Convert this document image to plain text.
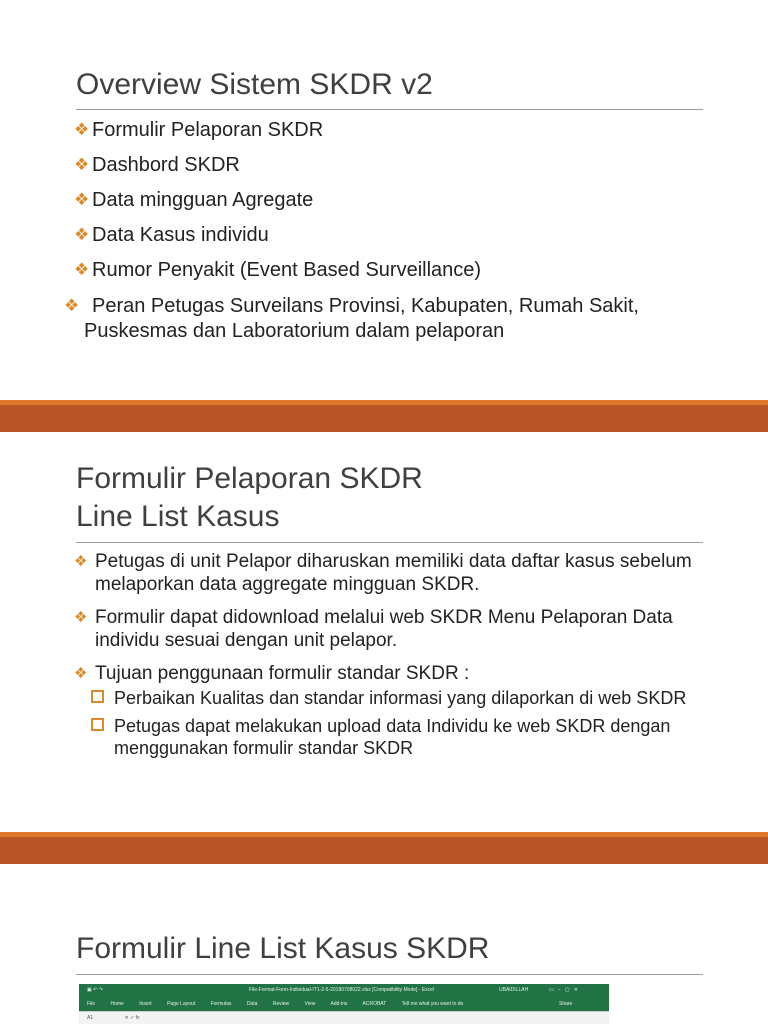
Overview Sistem SKDR v2
❖ Formulir Pelaporan SKDR
❖ Dashbord SKDR
❖ Data mingguan Agregate
❖ Data Kasus individu
❖ Rumor Penyakit (Event Based Surveillance)
❖ Peran Petugas Surveilans Provinsi, Kabupaten, Rumah Sakit, Puskesmas dan Laboratorium dalam pelaporan
Formulir Pelaporan SKDR
Line List Kasus
❖ Petugas di unit Pelapor diharuskan memiliki data daftar kasus sebelum melaporkan data aggregate mingguan SKDR.
❖ Formulir dapat didownload melalui web SKDR Menu Pelaporan Data individu sesuai dengan unit pelapor.
❖ Tujuan penggunaan formulir standar SKDR :
Perbaikan Kualitas dan standar informasi yang dilaporkan di web SKDR
Petugas dapat melakukan upload data Individu ke web SKDR dengan menggunakan formulir standar SKDR
Formulir Line List Kasus SKDR
▣ ↶ ↷	File-Format-Form-Individual-IT1-2-5-20180708022.xlsx [Compatibility Mode] - Excel	UBAIDILLAH	▭   –   ▢   ✕
File	Home	Insert	Page Layout	Formulas	Data	Review	View	Add-ins	ACROBAT	Tell me what you want to do	Share
A1	✕ ✓ fx
